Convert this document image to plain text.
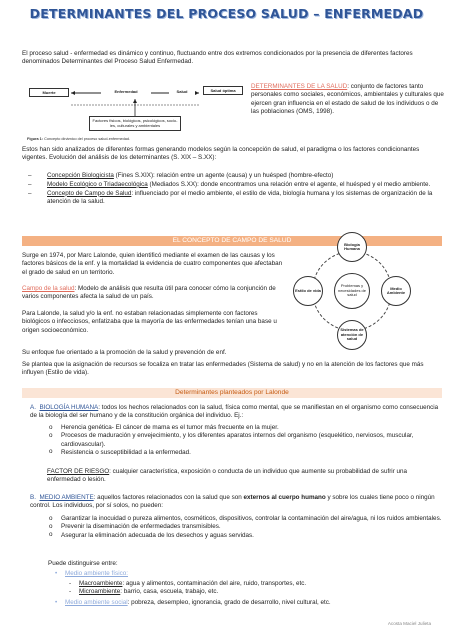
DETERMINANTES DEL PROCESO SALUD – ENFERMEDAD

El proceso salud - enfermedad es dinámico y continuo, fluctuando entre dos extremos condicionados por la presencia de diferentes factores denominados Determinantes del Proceso Salud Enfermedad.

Muerte	Enfermedad	Salud	Salud óptima
Factores físicos, biológicos, psicológicos, socio-les, culturales y ambientales
Figura 1: Concepto dinámico del proceso salud-enfermedad.

DETERMINANTES DE LA SALUD: conjunto de factores tanto personales como sociales, económicos, ambientales y culturales que ejercen gran influencia en el estado de salud de los individuos o de las poblaciones (OMS, 1998).

Estos han sido analizados de diferentes formas generando modelos según la concepción de salud, el paradigma o los factores condicionantes vigentes. Evolución del análisis de los determinantes (S. XIX – S.XX):

– Concepción Biologicista (Fines S.XIX): relación entre un agente (causa) y un huésped (hombre-efecto)
– Modelo Ecológico o Triadaecológica (Mediados S.XX): donde encontramos una relación entre el agente, el huésped y el medio ambiente.
– Concepto de Campo de Salud: influenciado por el medio ambiente, el estilo de vida, biología humana y los sistemas de organización de la atención de la salud.
EL CONCEPTO DE CAMPO DE SALUD

Surge en 1974, por Marc Lalonde, quien identificó mediante el examen de las causas y los factores básicos de la enf. y la mortalidad la evidencia de cuatro componentes que afectaban el grado de salud en un territorio.

Campo de la salud: Modelo de análisis que resulta útil para conocer cómo la conjunción de varios componentes afecta la salud de un país.

Para Lalonde, la salud y/o la enf. no estaban relacionadas simplemente con factores biológicos o infecciosos, enfatizaba que la mayoría de las enfermedades tenían una base u origen socioeconómico.

Su enfoque fue orientado a la promoción de la salud y prevención de enf.

Problemas y necesidades de salud
Biología Humana
Estilo de vida	Medio Ambiente
Sistemas de atención de salud

Se plantea que la asignación de recursos se focaliza en tratar las enfermedades (Sistema de salud) y no en la atención de los factores que más influyen (Estilo de vida).

Determinantes planteados por Lalonde
A. BIOLOGÍA HUMANA: todos los hechos relacionados con la salud, física como mental, que se manifiestan en el organismo como consecuencia de la biología del ser humano y de la constitución orgánica del individuo. Ej.:
o Herencia genética- El cáncer de mama es el tumor más frecuente en la mujer.
o Procesos de maduración y envejecimiento, y los diferentes aparatos internos del organismo (esquelético, nerviosos, muscular, cardiovascular).
o Resistencia o susceptibilidad a la enfermedad.

FACTOR DE RIESGO: cualquier característica, exposición o conducta de un individuo que aumente su probabilidad de sufrir una enfermedad o lesión.

B. MEDIO AMBIENTE: aquellos factores relacionados con la salud que son externos al cuerpo humano y sobre los cuales tiene poco o ningún control. Los individuos, por sí solos, no pueden:
o Garantizar la inocuidad o pureza alimentos, cosméticos, dispositivos, controlar la contaminación del aire/agua, ni los ruidos ambientales.
o Prevenir la diseminación de enfermedades transmisibles.
o Asegurar la eliminación adecuada de los desechos y aguas servidas.

Puede distinguirse entre:

• Medio ambiente físico:
- Macroambiente: agua y alimentos, contaminación del aire, ruido, transportes, etc.
- Microambiente: barrio, casa, escuela, trabajo, etc.
• Medio ambiente social: pobreza, desempleo, ignorancia, grado de desarrollo, nivel cultural, etc.
Acosta Maciel Julieta
